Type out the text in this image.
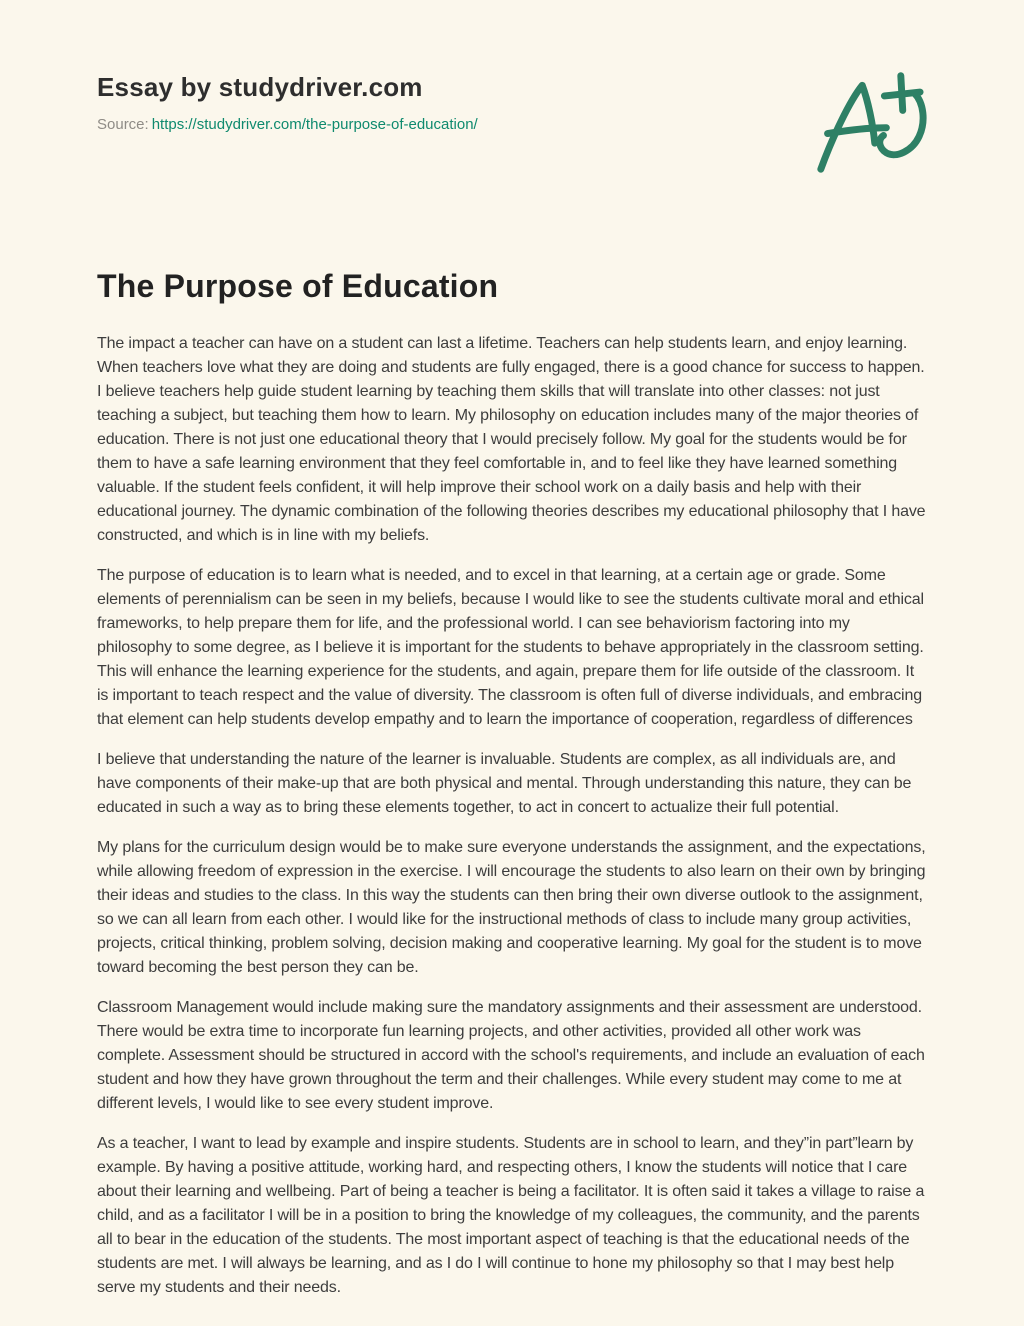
Essay by studydriver.com

Source: https://studydriver.com/the-purpose-of-education/

The Purpose of Education

The impact a teacher can have on a student can last a lifetime. Teachers can help students learn, and enjoy learning. When teachers love what they are doing and students are fully engaged, there is a good chance for success to happen. I believe teachers help guide student learning by teaching them skills that will translate into other classes: not just teaching a subject, but teaching them how to learn. My philosophy on education includes many of the major theories of education. There is not just one educational theory that I would precisely follow. My goal for the students would be for them to have a safe learning environment that they feel comfortable in, and to feel like they have learned something valuable. If the student feels confident, it will help improve their school work on a daily basis and help with their educational journey. The dynamic combination of the following theories describes my educational philosophy that I have constructed, and which is in line with my beliefs.

The purpose of education is to learn what is needed, and to excel in that learning, at a certain age or grade. Some elements of perennialism can be seen in my beliefs, because I would like to see the students cultivate moral and ethical frameworks, to help prepare them for life, and the professional world. I can see behaviorism factoring into my philosophy to some degree, as I believe it is important for the students to behave appropriately in the classroom setting. This will enhance the learning experience for the students, and again, prepare them for life outside of the classroom. It is important to teach respect and the value of diversity. The classroom is often full of diverse individuals, and embracing that element can help students develop empathy and to learn the importance of cooperation, regardless of differences

I believe that understanding the nature of the learner is invaluable. Students are complex, as all individuals are, and have components of their make-up that are both physical and mental. Through understanding this nature, they can be educated in such a way as to bring these elements together, to act in concert to actualize their full potential.

My plans for the curriculum design would be to make sure everyone understands the assignment, and the expectations, while allowing freedom of expression in the exercise. I will encourage the students to also learn on their own by bringing their ideas and studies to the class. In this way the students can then bring their own diverse outlook to the assignment, so we can all learn from each other. I would like for the instructional methods of class to include many group activities, projects, critical thinking, problem solving, decision making and cooperative learning. My goal for the student is to move toward becoming the best person they can be.

Classroom Management would include making sure the mandatory assignments and their assessment are understood. There would be extra time to incorporate fun learning projects, and other activities, provided all other work was complete. Assessment should be structured in accord with the school's requirements, and include an evaluation of each student and how they have grown throughout the term and their challenges. While every student may come to me at different levels, I would like to see every student improve.

As a teacher, I want to lead by example and inspire students. Students are in school to learn, and they”in part”learn by example. By having a positive attitude, working hard, and respecting others, I know the students will notice that I care about their learning and wellbeing. Part of being a teacher is being a facilitator. It is often said it takes a village to raise a child, and as a facilitator I will be in a position to bring the knowledge of my colleagues, the community, and the parents all to bear in the education of the students. The most important aspect of teaching is that the educational needs of the students are met. I will always be learning, and as I do I will continue to hone my philosophy so that I may best help serve my students and their needs.
